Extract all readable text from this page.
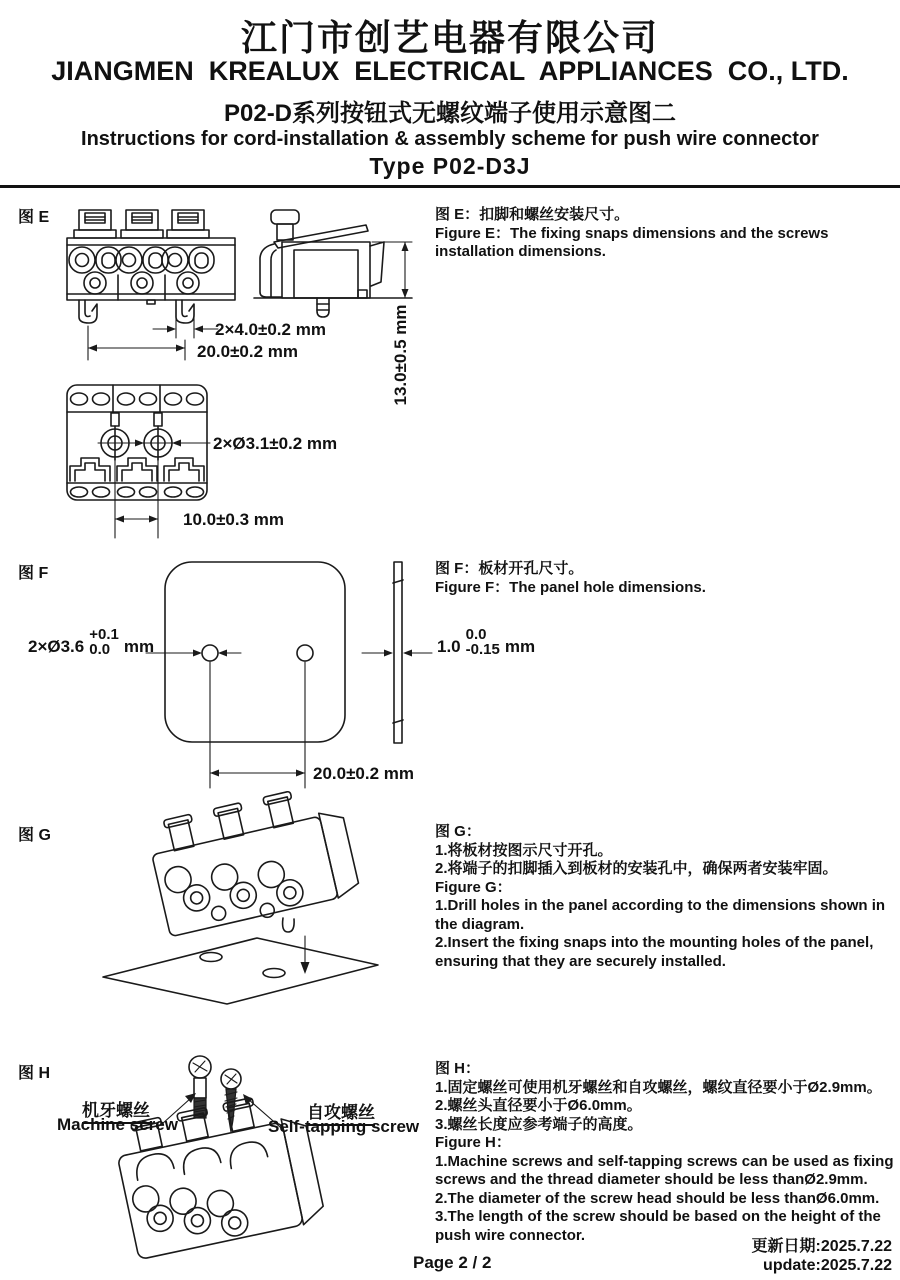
江门市创艺电器有限公司
JIANGMEN  KREALUX  ELECTRICAL  APPLIANCES  CO., LTD.
P02-D系列按钮式无螺纹端子使用示意图二
Instructions for cord-installation & assembly scheme for push wire connector
Type P02-D3J
图 E
2×4.0±0.2 mm
20.0±0.2 mm	13.0±0.5 mm
2×Ø3.1±0.2 mm
10.0±0.3 mm
图 E：扣脚和螺丝安装尺寸。
Figure E：The fixing snaps dimensions and the screws installation dimensions.
图 F
2×Ø3.6
+0.1
0.0 mm	1.0
0.0
-0.15 mm
20.0±0.2 mm
图 F：板材开孔尺寸。
Figure F：The panel hole dimensions.
图 G	图 G：
1.将板材按图示尺寸开孔。
2.将端子的扣脚插入到板材的安装孔中，确保两者安装牢固。
Figure G：
1.Drill holes in the panel according to the dimensions shown in the diagram.
2.Insert the fixing snaps into the mounting holes of the panel, ensuring that they are securely installed.
图 H
机牙螺丝
Machine screw
自攻螺丝
Self-tapping screw
图 H：
1.固定螺丝可使用机牙螺丝和自攻螺丝，螺纹直径要小于Ø2.9mm。
2.螺丝头直径要小于Ø6.0mm。
3.螺丝长度应参考端子的高度。
Figure H：
1.Machine screws and self-tapping screws can be used as fixing screws and the thread diameter should be less thanØ2.9mm.
2.The diameter of the screw head should be less thanØ6.0mm.
3.The length of the screw should be based on the height of the push wire connector.
Page 2 / 2
更新日期:2025.7.22
update:2025.7.22
